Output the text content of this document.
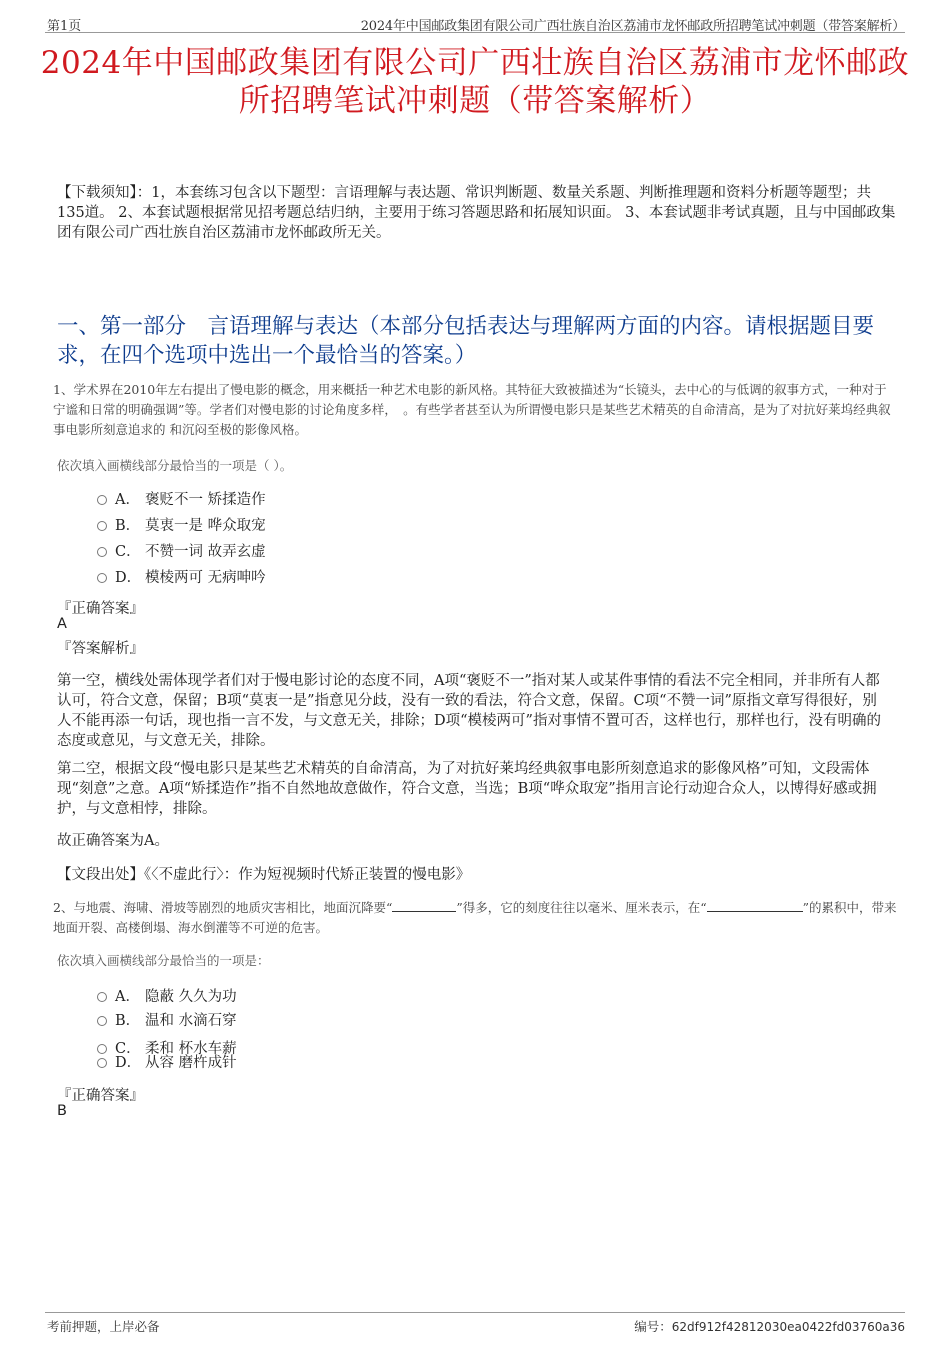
第1页	2024年中国邮政集团有限公司广西壮族自治区荔浦市龙怀邮政所招聘笔试冲刺题（带答案解析）
2024年中国邮政集团有限公司广西壮族自治区荔浦市龙怀邮政
所招聘笔试冲刺题（带答案解析）
【下载须知】：1，本套练习包含以下题型：言语理解与表达题、常识判断题、数量关系题、判断推理题和资料分析题等题型；共135道。 2、本套试题根据常见招考题总结归纳，主要用于练习答题思路和拓展知识面。 3、本套试题非考试真题，且与中国邮政集团有限公司广西壮族自治区荔浦市龙怀邮政所无关。
一、第一部分　言语理解与表达（本部分包括表达与理解两方面的内容。请根据题目要求，在四个选项中选出一个最恰当的答案。）
1、学术界在2010年左右提出了慢电影的概念，用来概括一种艺术电影的新风格。其特征大致被描述为“长镜头，去中心的与低调的叙事方式，一种对于宁谧和日常的明确强调”等。学者们对慢电影的讨论角度多样，　。有些学者甚至认为所谓慢电影只是某些艺术精英的自命清高，是为了对抗好莱坞经典叙事电影所刻意追求的 和沉闷至极的影像风格。
依次填入画横线部分最恰当的一项是（ ）。
A． 褒贬不一 矫揉造作
B． 莫衷一是 哗众取宠
C． 不赞一词 故弄玄虚
D． 模棱两可 无病呻吟
『正确答案』
A
『答案解析』

第一空，横线处需体现学者们对于慢电影讨论的态度不同，A项“褒贬不一”指对某人或某件事情的看法不完全相同，并非所有人都认可，符合文意，保留；B项“莫衷一是”指意见分歧，没有一致的看法，符合文意，保留。C项“不赞一词”原指文章写得很好，别人不能再添一句话，现也指一言不发，与文意无关，排除；D项“模棱两可”指对事情不置可否，这样也行，那样也行，没有明确的态度或意见，与文意无关，排除。

第二空，根据文段“慢电影只是某些艺术精英的自命清高，为了对抗好莱坞经典叙事电影所刻意追求的影像风格”可知，文段需体现“刻意”之意。A项“矫揉造作”指不自然地故意做作，符合文意，当选；B项“哗众取宠”指用言论行动迎合众人，以博得好感或拥护，与文意相悖，排除。

故正确答案为A。
【文段出处】《〈不虚此行〉：作为短视频时代矫正装置的慢电影》
2、与地震、海啸、滑坡等剧烈的地质灾害相比，地面沉降要“	”得多，它的刻度往往以毫米、厘米表示，在“	”的累积中，带来地面开裂、高楼倒塌、海水倒灌等不可逆的危害。
依次填入画横线部分最恰当的一项是：
A． 隐蔽 久久为功
B． 温和 水滴石穿
C． 柔和 杯水车薪
D． 从容 磨杵成针
『正确答案』
B
考前押题，上岸必备	编号：62df912f42812030ea0422fd03760a36
